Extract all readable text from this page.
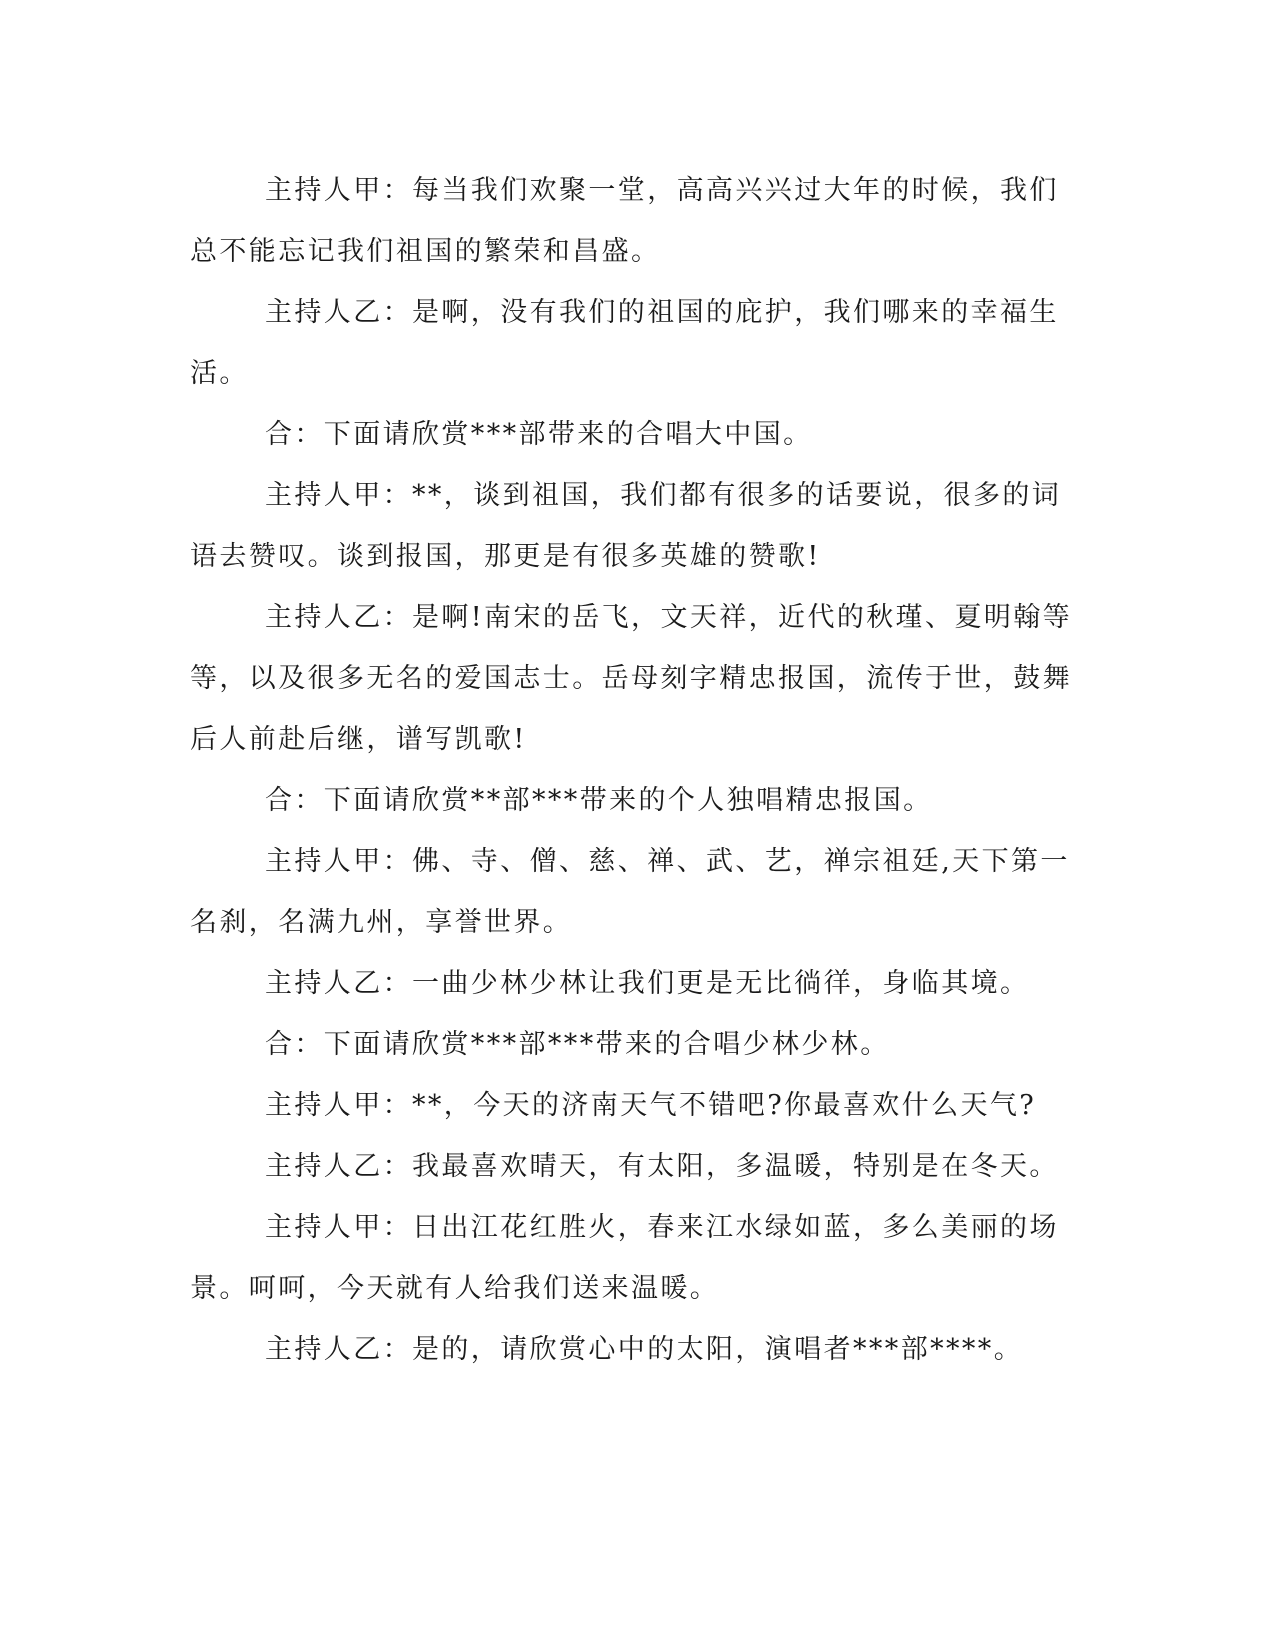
主持人甲：每当我们欢聚一堂，高高兴兴过大年的时候，我们总不能忘记我们祖国的繁荣和昌盛。

主持人乙：是啊，没有我们的祖国的庇护，我们哪来的幸福生活。

合：下面请欣赏***部带来的合唱大中国。

主持人甲：**，谈到祖国，我们都有很多的话要说，很多的词语去赞叹。谈到报国，那更是有很多英雄的赞歌!

主持人乙：是啊!南宋的岳飞，文天祥，近代的秋瑾、夏明翰等等，以及很多无名的爱国志士。岳母刻字精忠报国，流传于世，鼓舞后人前赴后继，谱写凯歌!

合：下面请欣赏**部***带来的个人独唱精忠报国。

主持人甲：佛、寺、僧、慈、禅、武、艺，禅宗祖廷,天下第一名刹，名满九州，享誉世界。

主持人乙：一曲少林少林让我们更是无比徜徉，身临其境。

合：下面请欣赏***部***带来的合唱少林少林。

主持人甲：**，今天的济南天气不错吧?你最喜欢什么天气?

主持人乙：我最喜欢晴天，有太阳，多温暖，特别是在冬天。

主持人甲：日出江花红胜火，春来江水绿如蓝，多么美丽的场景。呵呵，今天就有人给我们送来温暖。

主持人乙：是的，请欣赏心中的太阳，演唱者***部****。
